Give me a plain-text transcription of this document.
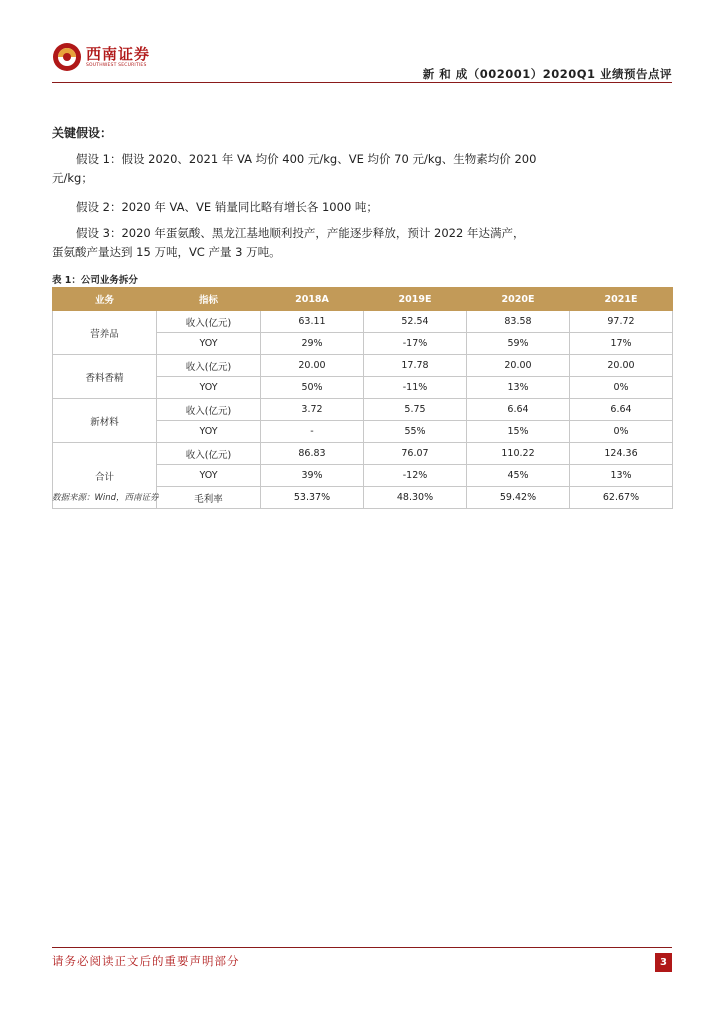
西南证券
SOUTHWEST SECURITIES
新 和 成（002001）2020Q1 业绩预告点评
关键假设：
假设 1：假设 2020、2021 年 VA 均价 400 元/kg、VE 均价 70 元/kg、生物素均价 200
元/kg；
假设 2：2020 年 VA、VE 销量同比略有增长各 1000 吨；
假设 3：2020 年蛋氨酸、黑龙江基地顺利投产，产能逐步释放，预计 2022 年达满产，
蛋氨酸产量达到 15 万吨，VC 产量 3 万吨。
表 1：公司业务拆分
业务	指标	2018A	2019E	2020E	2021E
营养品	收入(亿元)	63.11	52.54	83.58	97.72
	YOY	29%	-17%	59%	17%
香料香精	收入(亿元)	20.00	17.78	20.00	20.00
	YOY	50%	-11%	13%	0%
新材料	收入(亿元)	3.72	5.75	6.64	6.64
	YOY	-	55%	15%	0%
合计	收入(亿元)	86.83	76.07	110.22	124.36
	YOY	39%	-12%	45%	13%
	毛利率	53.37%	48.30%	59.42%	62.67%
数据来源：Wind，西南证券
请务必阅读正文后的重要声明部分	3
